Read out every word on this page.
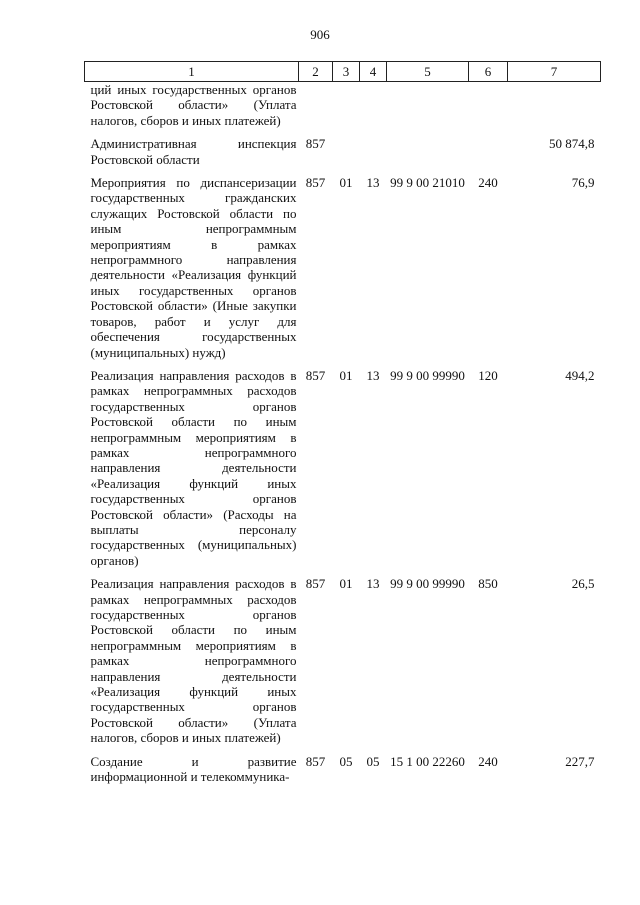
906
1	2	3	4	5	6	7
ций иных государственных органов Ростовской области» (Уплата налогов, сборов и иных платежей)						

Административная инспекция Ростовской области	857					50 874,8

Мероприятия по диспансеризации государственных гражданских служащих Ростовской области по иным непрограммным мероприятиям в рамках непрограммного направления деятельности «Реализация функций иных государственных органов Ростовской области» (Иные закупки товаров, работ и услуг для обеспечения государственных (муниципальных) нужд)	857	01	13	99 9 00 21010	240	76,9

Реализация направления расходов в рамках непрограммных расходов государственных органов Ростовской области по иным непрограммным мероприятиям в рамках непрограммного направления деятельности «Реализация функций иных государственных органов Ростовской области» (Расходы на выплаты персоналу государственных (муниципальных) органов)	857	01	13	99 9 00 99990	120	494,2

Реализация направления расходов в рамках непрограммных расходов государственных органов Ростовской области по иным непрограммным мероприятиям в рамках непрограммного направления деятельности «Реализация функций иных государственных органов Ростовской области» (Уплата налогов, сборов и иных платежей)	857	01	13	99 9 00 99990	850	26,5

Создание и развитие информационной и телекоммуника-	857	05	05	15 1 00 22260	240	227,7
